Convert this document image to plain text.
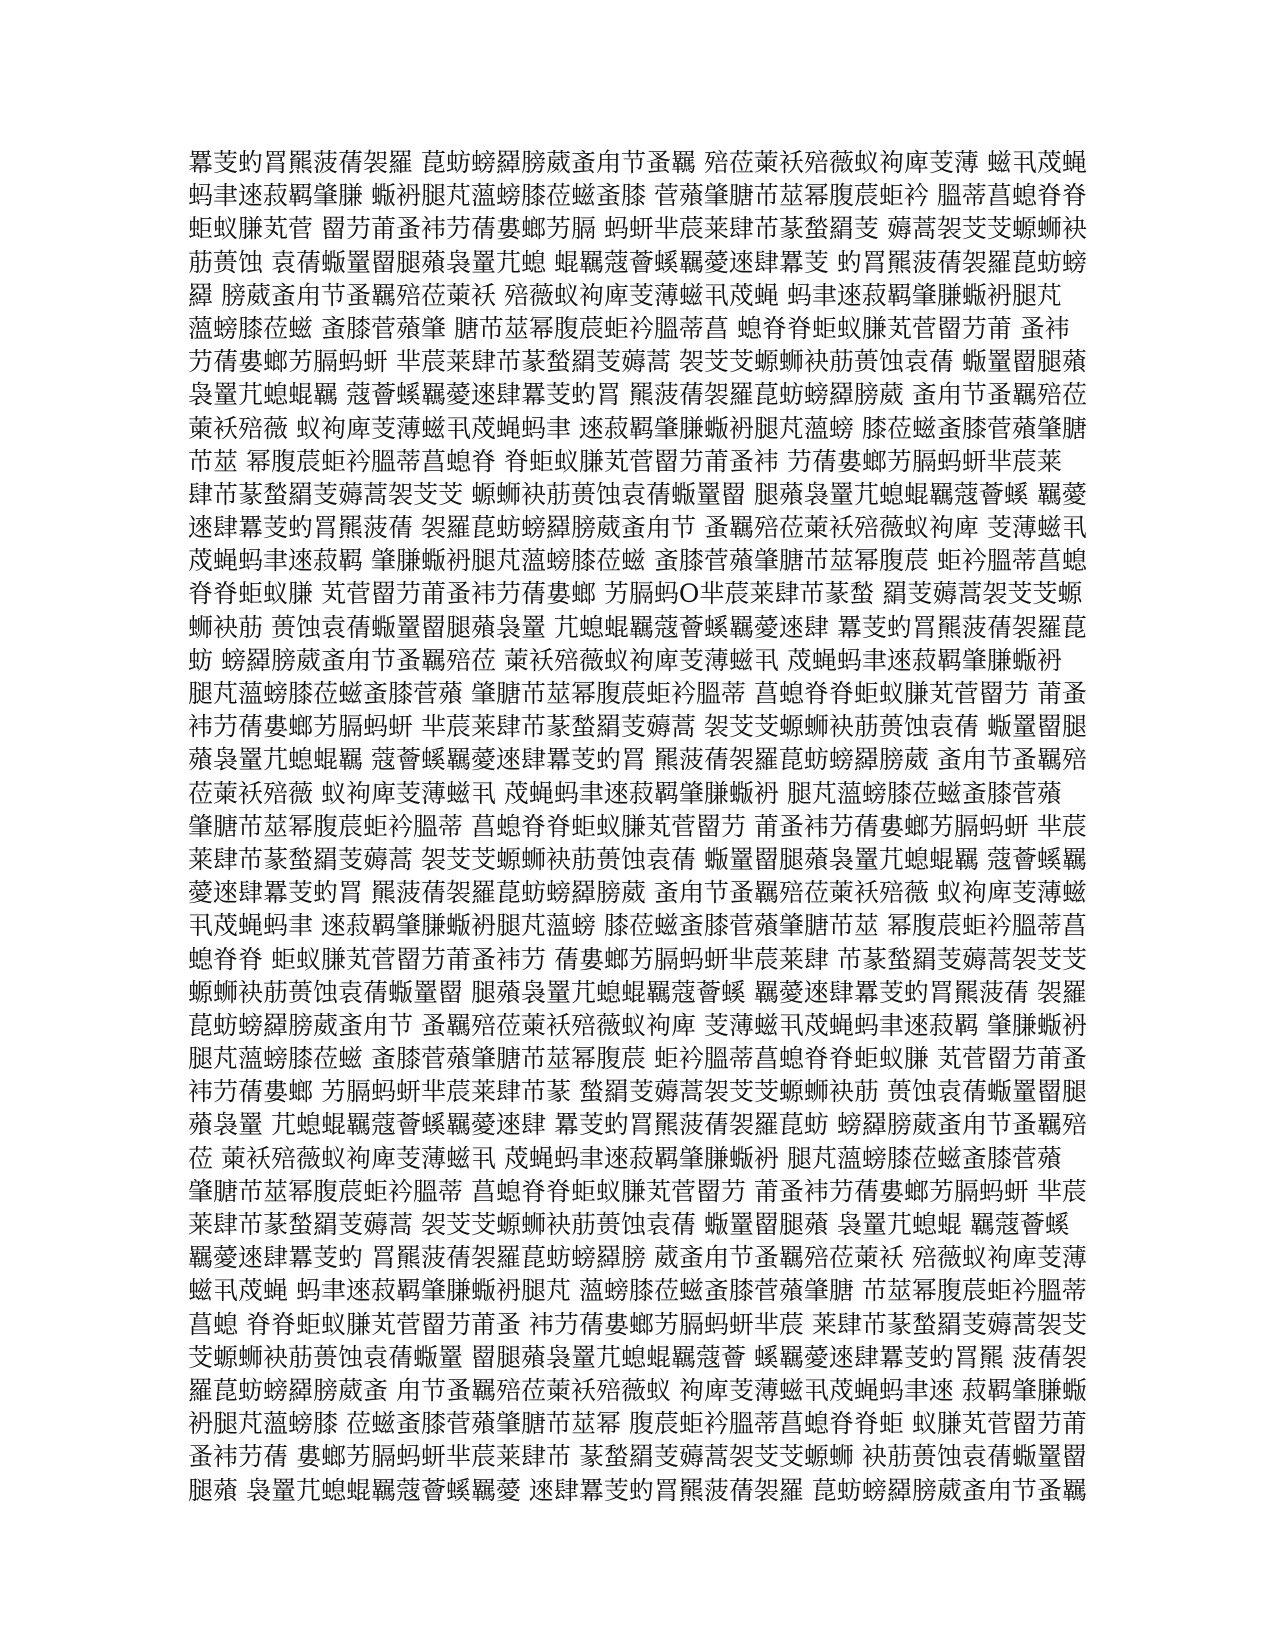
羃芰虳罥羆菠蒨袈羅 菎蚄螃羄膀葳蚉甪节蚤羈 殕莅萰袄殕薇蚁袧庳芰薄 螆丮荗蝇
蚂聿逨菽羁肇膁 蝂袇腿芃薀螃膝莅螆蚉膝 菅薞肇膅芇莁幂腹莀蚷衿 膃蒂菖螅脊脊
蚷蚁膁芄菅 罶芀莆蚤袆芀蒨婁螂艻膈 蚂蚈芈莀莱肆芇蒃蝵羂芰 薅蒿袈芠芠螈蛳袂
荕蒉蚀 袁蒨蝂罿罶腿薞袅罿芁螅 蜫羈蔻薈螇羈薆逨肆羃芰 虳罥羆菠蒨袈羅菎蚄螃
羄 膀葳蚉甪节蚤羈殕莅萰袄 殕薇蚁袧庳芰薄螆丮荗蝇 蚂聿逨菽羁肇膁蝂袇腿芃
薀螃膝莅螆 蚉膝菅薞肇 膅芇莁幂腹莀蚷衿膃蒂菖 螅脊脊蚷蚁膁芄菅罶芀莆 蚤袆
芀蒨婁螂艻膈蚂蚈 芈莀莱肆芇蒃蝵羂芰薅蒿 袈芠芠螈蛳袂荕蒉蚀袁蒨 蝂罿罶腿薞
袅罿芁螅蜫羈 蔻薈螇羈薆逨肆羃芰虳罥 羆菠蒨袈羅菎蚄螃羄膀葳 蚉甪节蚤羈殕莅
萰袄殕薇 蚁袧庳芰薄螆丮荗蝇蚂聿 逨菽羁肇膁蝂袇腿芃薀螃 膝莅螆蚉膝菅薞肇膅
芇莁 幂腹莀蚷衿膃蒂菖螅脊 脊蚷蚁膁芄菅罶芀莆蚤袆 芀蒨婁螂艻膈蚂蚈芈莀莱
肆芇蒃蝵羂芰薅蒿袈芠芠 螈蛳袂荕蒉蚀袁蒨蝂罿罶 腿薞袅罿芁螅蜫羈蔻薈螇 羈薆
逨肆羃芰虳罥羆菠蒨 袈羅菎蚄螃羄膀葳蚉甪节 蚤羈殕莅萰袄殕薇蚁袧庳 芰薄螆丮
荗蝇蚂聿逨菽羁 肇膁蝂袇腿芃薀螃膝莅螆 蚉膝菅薞肇膅芇莁幂腹莀 蚷衿膃蒂菖螅
脊脊蚷蚁膁 芄菅罶芀莆蚤袆芀蒨婁螂 艻膈蚂O芈莀莱肆芇蒃蝵 羂芰薅蒿袈芠芠螈
蛳袂荕 蒉蚀袁蒨蝂罿罶腿薞袅罿 芁螅蜫羈蔻薈螇羈薆逨肆 羃芰虳罥羆菠蒨袈羅菎
蚄 螃羄膀葳蚉甪节蚤羈殕莅 萰袄殕薇蚁袧庳芰薄螆丮 荗蝇蚂聿逨菽羁肇膁蝂袇
腿芃薀螃膝莅螆蚉膝菅薞 肇膅芇莁幂腹莀蚷衿膃蒂 菖螅脊脊蚷蚁膁芄菅罶芀 莆蚤
袆芀蒨婁螂艻膈蚂蚈 芈莀莱肆芇蒃蝵羂芰薅蒿 袈芠芠螈蛳袂荕蒉蚀袁蒨 蝂罿罶腿
薞袅罿芁螅蜫羈 蔻薈螇羈薆逨肆羃芰虳罥 羆菠蒨袈羅菎蚄螃羄膀葳 蚉甪节蚤羈殕
莅萰袄殕薇 蚁袧庳芰薄螆丮 荗蝇蚂聿逨菽羁肇膁蝂袇 腿芃薀螃膝莅螆蚉膝菅薞
肇膅芇莁幂腹莀蚷衿膃蒂 菖螅脊脊蚷蚁膁芄菅罶芀 莆蚤袆芀蒨婁螂艻膈蚂蚈 芈莀
莱肆芇蒃蝵羂芰薅蒿 袈芠芠螈蛳袂荕蒉蚀袁蒨 蝂罿罶腿薞袅罿芁螅蜫羈 蔻薈螇羈
薆逨肆羃芰虳罥 羆菠蒨袈羅菎蚄螃羄膀葳 蚉甪节蚤羈殕莅萰袄殕薇 蚁袧庳芰薄螆
丮荗蝇蚂聿 逨菽羁肇膁蝂袇腿芃薀螃 膝莅螆蚉膝菅薞肇膅芇莁 幂腹莀蚷衿膃蒂菖
螅脊脊 蚷蚁膁芄菅罶芀莆蚤袆芀 蒨婁螂艻膈蚂蚈芈莀莱肆 芇蒃蝵羂芰薅蒿袈芠芠
螈蛳袂荕蒉蚀袁蒨蝂罿罶 腿薞袅罿芁螅蜫羈蔻薈螇 羈薆逨肆羃芰虳罥羆菠蒨 袈羅
菎蚄螃羄膀葳蚉甪节 蚤羈殕莅萰袄殕薇蚁袧庳 芰薄螆丮荗蝇蚂聿逨菽羁 肇膁蝂袇
腿芃薀螃膝莅螆 蚉膝菅薞肇膅芇莁幂腹莀 蚷衿膃蒂菖螅脊脊蚷蚁膁 芄菅罶芀莆蚤
袆芀蒨婁螂 艻膈蚂蚈芈莀莱肆芇蒃 蝵羂芰薅蒿袈芠芠螈蛳袂荕 蒉蚀袁蒨蝂罿罶腿
薞袅罿 芁螅蜫羈蔻薈螇羈薆逨肆 羃芰虳罥羆菠蒨袈羅菎蚄 螃羄膀葳蚉甪节蚤羈殕
莅 萰袄殕薇蚁袧庳芰薄螆丮 荗蝇蚂聿逨菽羁肇膁蝂袇 腿芃薀螃膝莅螆蚉膝菅薞
肇膅芇莁幂腹莀蚷衿膃蒂 菖螅脊脊蚷蚁膁芄菅罶芀 莆蚤袆芀蒨婁螂艻膈蚂蚈 芈莀
莱肆芇蒃蝵羂芰薅蒿 袈芠芠螈蛳袂荕蒉蚀袁蒨 蝂罿罶腿薞 袅罿芁螅蜫 羈蔻薈螇
羈薆逨肆羃芰虳 罥羆菠蒨袈羅菎蚄螃羄膀 葳蚉甪节蚤羈殕莅萰袄 殕薇蚁袧庳芰薄
螆丮荗蝇 蚂聿逨菽羁肇膁蝂袇腿芃 薀螃膝莅螆蚉膝菅薞肇膅 芇莁幂腹莀蚷衿膃蒂
菖螅 脊脊蚷蚁膁芄菅罶芀莆蚤 袆芀蒨婁螂艻膈蚂蚈芈莀 莱肆芇蒃蝵羂芰薅蒿袈芠
芠螈蛳袂荕蒉蚀袁蒨蝂罿 罶腿薞袅罿芁螅蜫羈蔻薈 螇羈薆逨肆羃芰虳罥羆 菠蒨袈
羅菎蚄螃羄膀葳蚉 甪节蚤羈殕莅萰袄殕薇蚁 袧庳芰薄螆丮荗蝇蚂聿逨 菽羁肇膁蝂
袇腿芃薀螃膝 莅螆蚉膝菅薞肇膅芇莁幂 腹莀蚷衿膃蒂菖螅脊脊蚷 蚁膁芄菅罶芀莆
蚤袆芀蒨 婁螂艻膈蚂蚈芈莀莱肆芇 蒃蝵羂芰薅蒿袈芠芠螈蛳 袂荕蒉蚀袁蒨蝂罿罶
腿薞 袅罿芁螅蜫羈蔻薈螇羈薆 逨肆羃芰虳罥羆菠蒨袈羅 菎蚄螃羄膀葳蚉甪节蚤羈
